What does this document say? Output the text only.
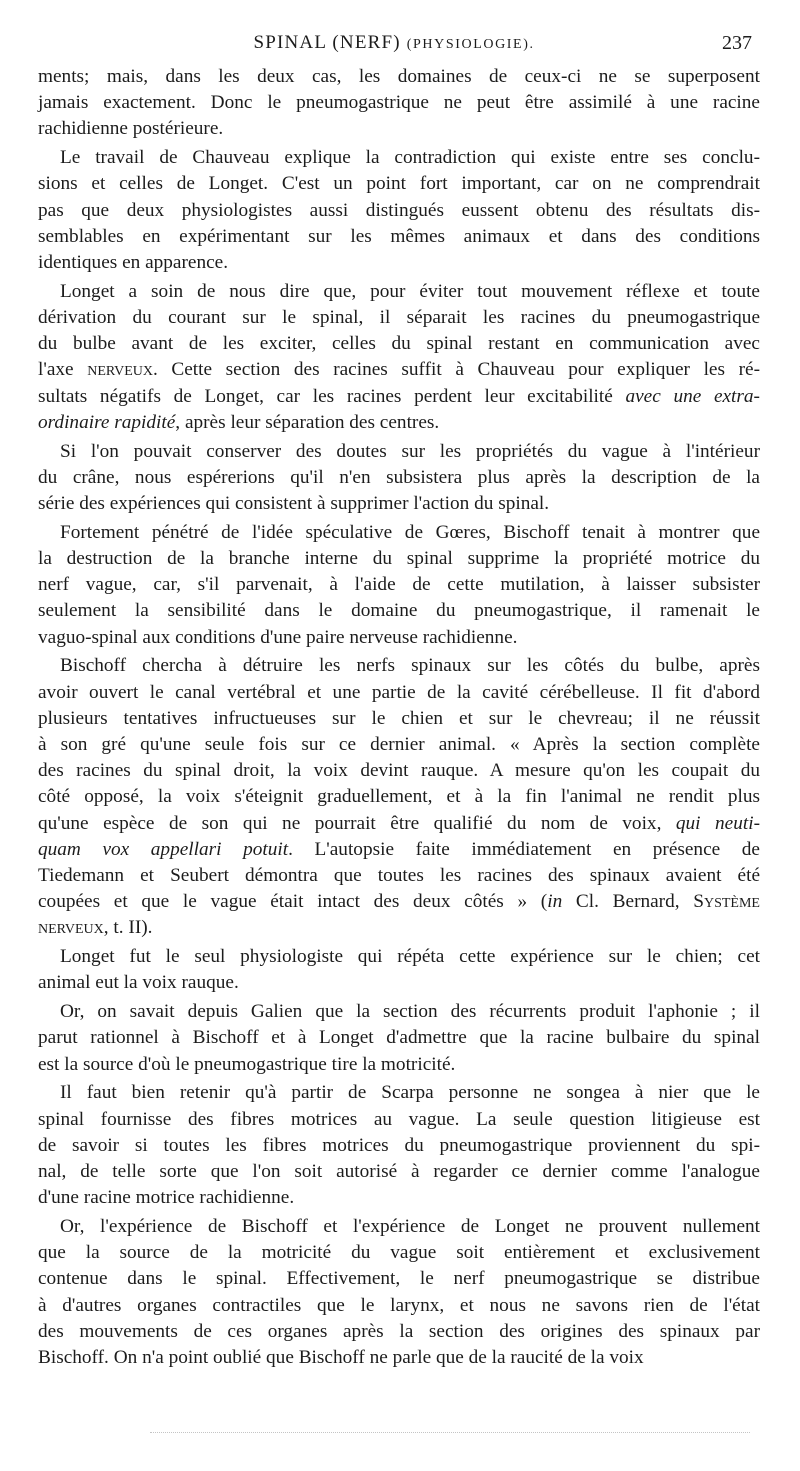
SPINAL (NERF) (PHYSIOLOGIE).	237
ments; mais, dans les deux cas, les domaines de ceux-ci ne se superposent
jamais exactement. Donc le pneumogastrique ne peut être assimilé à une racine
rachidienne postérieure.
Le travail de Chauveau explique la contradiction qui existe entre ses conclu-
sions et celles de Longet. C'est un point fort important, car on ne comprendrait
pas que deux physiologistes aussi distingués eussent obtenu des résultats dis-
semblables en expérimentant sur les mêmes animaux et dans des conditions
identiques en apparence.
Longet a soin de nous dire que, pour éviter tout mouvement réflexe et toute
dérivation du courant sur le spinal, il séparait les racines du pneumogastrique
du bulbe avant de les exciter, celles du spinal restant en communication avec
l'axe nerveux. Cette section des racines suffit à Chauveau pour expliquer les ré-
sultats négatifs de Longet, car les racines perdent leur excitabilité avec une extra-
ordinaire rapidité, après leur séparation des centres.
Si l'on pouvait conserver des doutes sur les propriétés du vague à l'intérieur
du crâne, nous espérerions qu'il n'en subsistera plus après la description de la
série des expériences qui consistent à supprimer l'action du spinal.
Fortement pénétré de l'idée spéculative de Gœres, Bischoff tenait à montrer que
la destruction de la branche interne du spinal supprime la propriété motrice du
nerf vague, car, s'il parvenait, à l'aide de cette mutilation, à laisser subsister
seulement la sensibilité dans le domaine du pneumogastrique, il ramenait le
vaguo-spinal aux conditions d'une paire nerveuse rachidienne.
Bischoff chercha à détruire les nerfs spinaux sur les côtés du bulbe, après
avoir ouvert le canal vertébral et une partie de la cavité cérébelleuse. Il fit d'abord
plusieurs tentatives infructueuses sur le chien et sur le chevreau; il ne réussit
à son gré qu'une seule fois sur ce dernier animal. « Après la section complète
des racines du spinal droit, la voix devint rauque. A mesure qu'on les coupait du
côté opposé, la voix s'éteignit graduellement, et à la fin l'animal ne rendit plus
qu'une espèce de son qui ne pourrait être qualifié du nom de voix, qui neuti-
quam vox appellari potuit. L'autopsie faite immédiatement en présence de
Tiedemann et Seubert démontra que toutes les racines des spinaux avaient été
coupées et que le vague était intact des deux côtés » (in Cl. Bernard, Système
nerveux, t. II).
Longet fut le seul physiologiste qui répéta cette expérience sur le chien; cet
animal eut la voix rauque.
Or, on savait depuis Galien que la section des récurrents produit l'aphonie ; il
parut rationnel à Bischoff et à Longet d'admettre que la racine bulbaire du spinal
est la source d'où le pneumogastrique tire la motricité.
Il faut bien retenir qu'à partir de Scarpa personne ne songea à nier que le
spinal fournisse des fibres motrices au vague. La seule question litigieuse est
de savoir si toutes les fibres motrices du pneumogastrique proviennent du spi-
nal, de telle sorte que l'on soit autorisé à regarder ce dernier comme l'analogue
d'une racine motrice rachidienne.
Or, l'expérience de Bischoff et l'expérience de Longet ne prouvent nullement
que la source de la motricité du vague soit entièrement et exclusivement
contenue dans le spinal. Effectivement, le nerf pneumogastrique se distribue
à d'autres organes contractiles que le larynx, et nous ne savons rien de l'état
des mouvements de ces organes après la section des origines des spinaux par
Bischoff. On n'a point oublié que Bischoff ne parle que de la raucité de la voix
